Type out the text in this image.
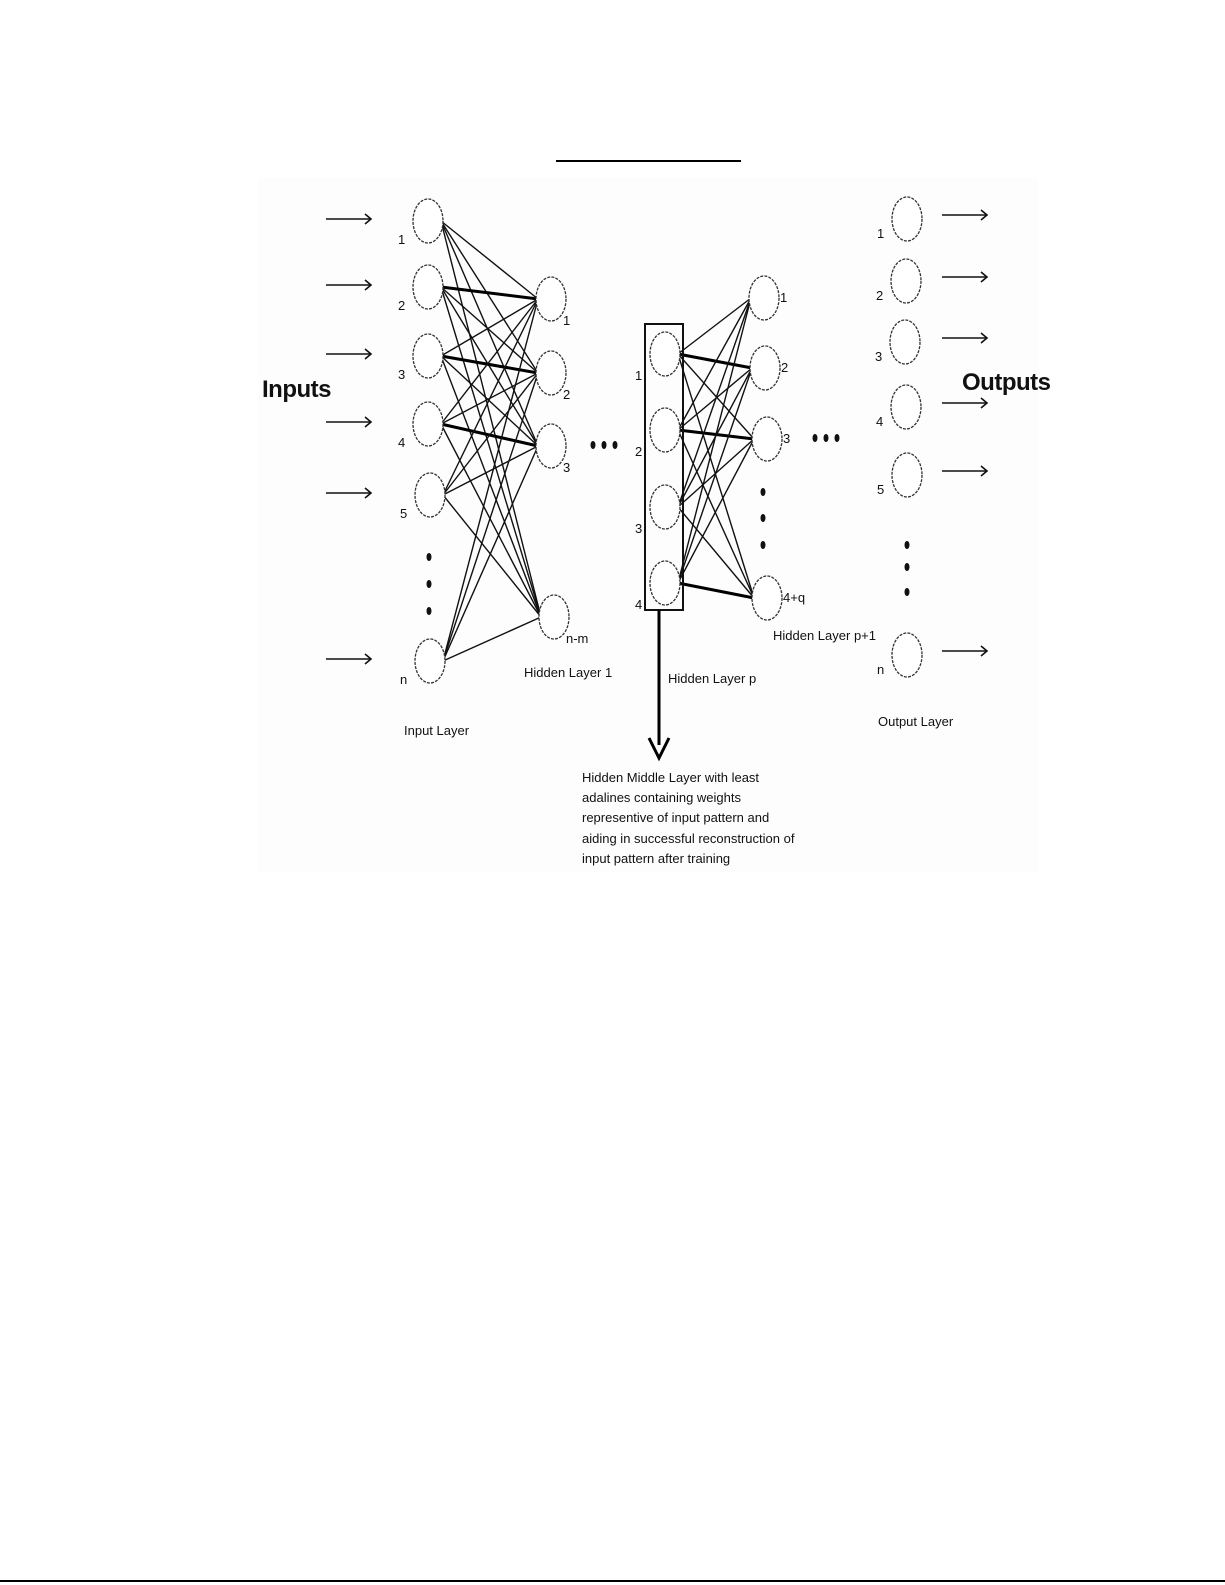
1
2
3
4
5
n
1
2
3
n-m
1
2
3
4
1
2
3
4+q
1
2
3
4
5
n
Inputs	Outputs
Input Layer
Hidden Layer 1	Hidden Layer p
Hidden Layer p+1
Output Layer
Hidden Middle Layer with least
adalines containing weights
representive of input pattern and
aiding in successful reconstruction of
input pattern after training
